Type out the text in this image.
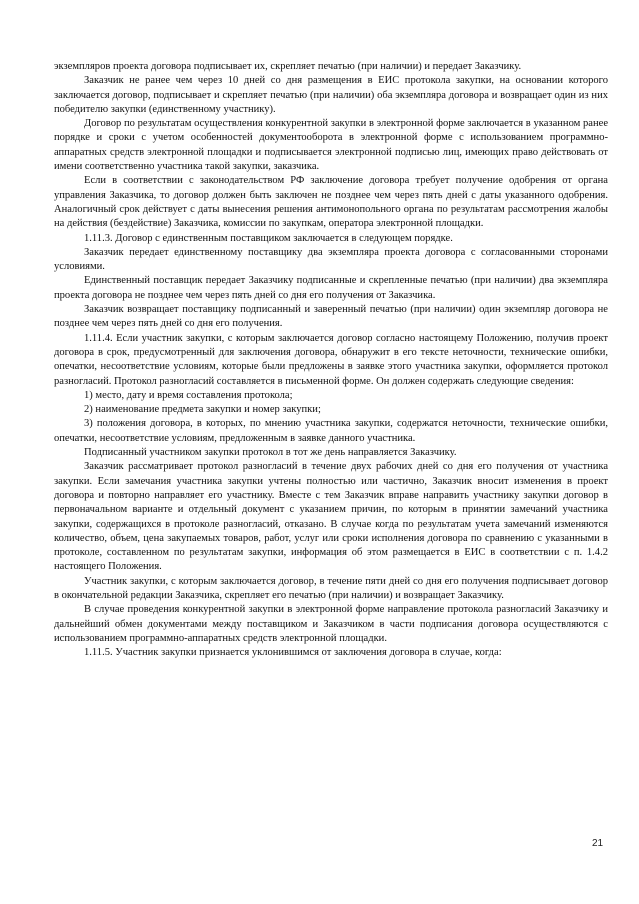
экземпляров проекта договора подписывает их, скрепляет печатью (при наличии) и передает Заказчику.

Заказчик не ранее чем через 10 дней со дня размещения в ЕИС протокола закупки, на основании которого заключается договор, подписывает и скрепляет печатью (при наличии) оба экземпляра договора и возвращает один из них победителю закупки (единственному участнику).

Договор по результатам осуществления конкурентной закупки в электронной форме заключается в указанном ранее порядке и сроки с учетом особенностей документооборота в электронной форме с использованием программно-аппаратных средств электронной площадки и подписывается электронной подписью лиц, имеющих право действовать от имени соответственно участника такой закупки, заказчика.

Если в соответствии с законодательством РФ заключение договора требует получение одобрения от органа управления Заказчика, то договор должен быть заключен не позднее чем через пять дней с даты указанного одобрения. Аналогичный срок действует с даты вынесения решения антимонопольного органа по результатам рассмотрения жалобы на действия (бездействие) Заказчика, комиссии по закупкам, оператора электронной площадки.

1.11.3. Договор с единственным поставщиком заключается в следующем порядке.

Заказчик передает единственному поставщику два экземпляра проекта договора с согласованными сторонами условиями.

Единственный поставщик передает Заказчику подписанные и скрепленные печатью (при наличии) два экземпляра проекта договора не позднее чем через пять дней со дня его получения от Заказчика.

Заказчик возвращает поставщику подписанный и заверенный печатью (при наличии) один экземпляр договора не позднее чем через пять дней со дня его получения.

1.11.4. Если участник закупки, с которым заключается договор согласно настоящему Положению, получив проект договора в срок, предусмотренный для заключения договора, обнаружит в его тексте неточности, технические ошибки, опечатки, несоответствие условиям, которые были предложены в заявке этого участника закупки, оформляется протокол разногласий. Протокол разногласий составляется в письменной форме. Он должен содержать следующие сведения:

1) место, дату и время составления протокола;

2) наименование предмета закупки и номер закупки;

3) положения договора, в которых, по мнению участника закупки, содержатся неточности, технические ошибки, опечатки, несоответствие условиям, предложенным в заявке данного участника.

Подписанный участником закупки протокол в тот же день направляется Заказчику.

Заказчик рассматривает протокол разногласий в течение двух рабочих дней со дня его получения от участника закупки. Если замечания участника закупки учтены полностью или частично, Заказчик вносит изменения в проект договора и повторно направляет его участнику. Вместе с тем Заказчик вправе направить участнику закупки договор в первоначальном варианте и отдельный документ с указанием причин, по которым в принятии замечаний участника закупки, содержащихся в протоколе разногласий, отказано. В случае когда по результатам учета замечаний изменяются количество, объем, цена закупаемых товаров, работ, услуг или сроки исполнения договора по сравнению с указанными в протоколе, составленном по результатам закупки, информация об этом размещается в ЕИС в соответствии с п. 1.4.2 настоящего Положения.

Участник закупки, с которым заключается договор, в течение пяти дней со дня его получения подписывает договор в окончательной редакции Заказчика, скрепляет его печатью (при наличии) и возвращает Заказчику.

В случае проведения конкурентной закупки в электронной форме направление протокола разногласий Заказчику и дальнейший обмен документами между поставщиком и Заказчиком в части подписания договора осуществляются с использованием программно-аппаратных средств электронной площадки.

1.11.5. Участник закупки признается уклонившимся от заключения договора в случае, когда:

21
